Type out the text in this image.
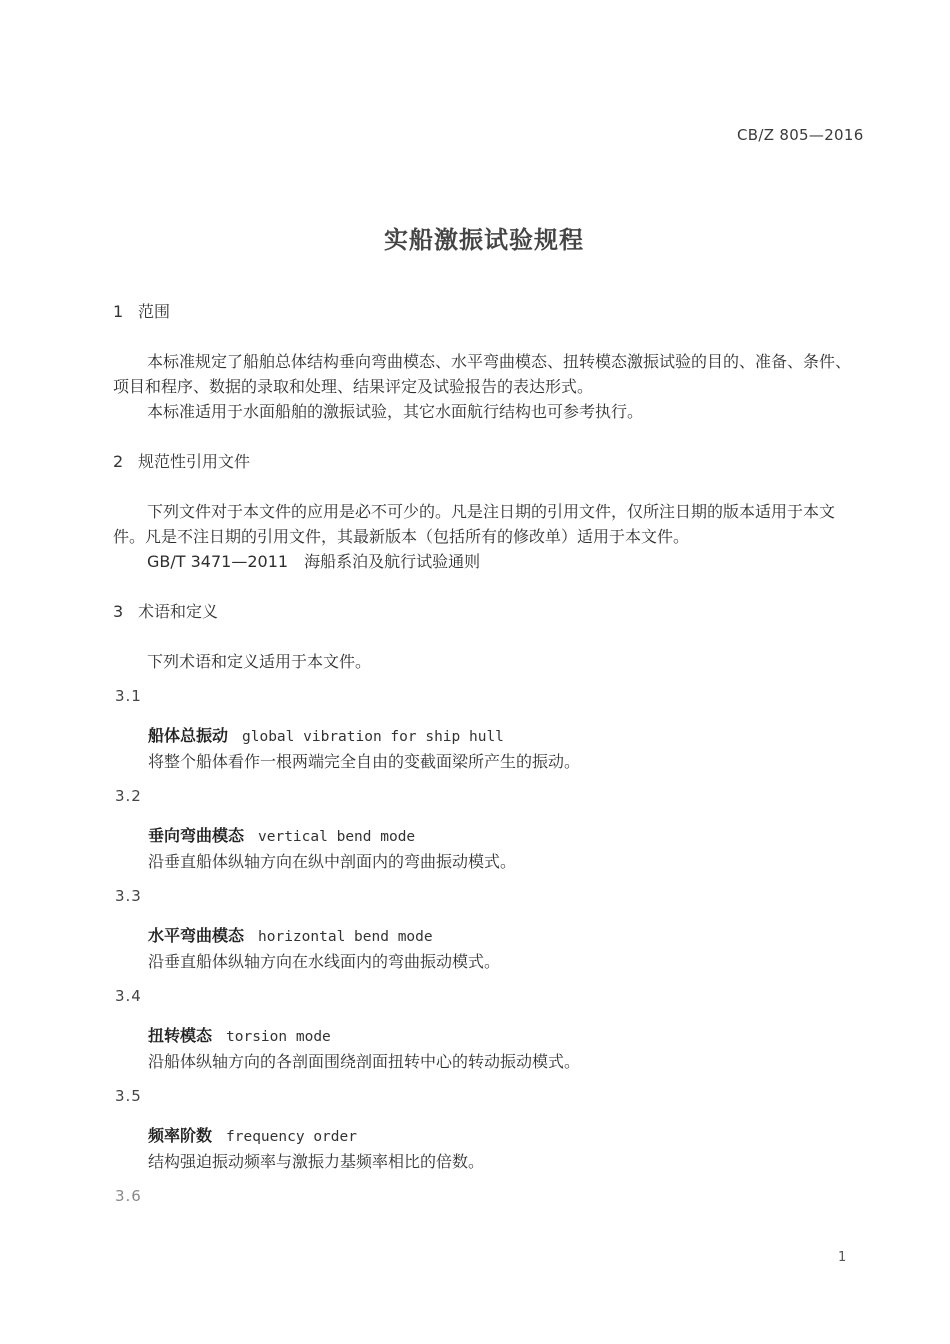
CB/Z 805—2016
实船激振试验规程
1 范围
本标准规定了船舶总体结构垂向弯曲模态、水平弯曲模态、扭转模态激振试验的目的、准备、条件、
项目和程序、数据的录取和处理、结果评定及试验报告的表达形式。
本标准适用于水面船舶的激振试验，其它水面航行结构也可参考执行。
2 规范性引用文件
下列文件对于本文件的应用是必不可少的。凡是注日期的引用文件，仅所注日期的版本适用于本文
件。凡是不注日期的引用文件，其最新版本（包括所有的修改单）适用于本文件。
GB/T 3471—2011　海船系泊及航行试验通则
3 术语和定义
下列术语和定义适用于本文件。
3.1
船体总振动 global vibration for ship hull
将整个船体看作一根两端完全自由的变截面梁所产生的振动。
3.2
垂向弯曲模态 vertical bend mode
沿垂直船体纵轴方向在纵中剖面内的弯曲振动模式。
3.3
水平弯曲模态 horizontal bend mode
沿垂直船体纵轴方向在水线面内的弯曲振动模式。
3.4
扭转模态 torsion mode
沿船体纵轴方向的各剖面围绕剖面扭转中心的转动振动模式。
3.5
频率阶数 frequency order
结构强迫振动频率与激振力基频率相比的倍数。
3.6
1
